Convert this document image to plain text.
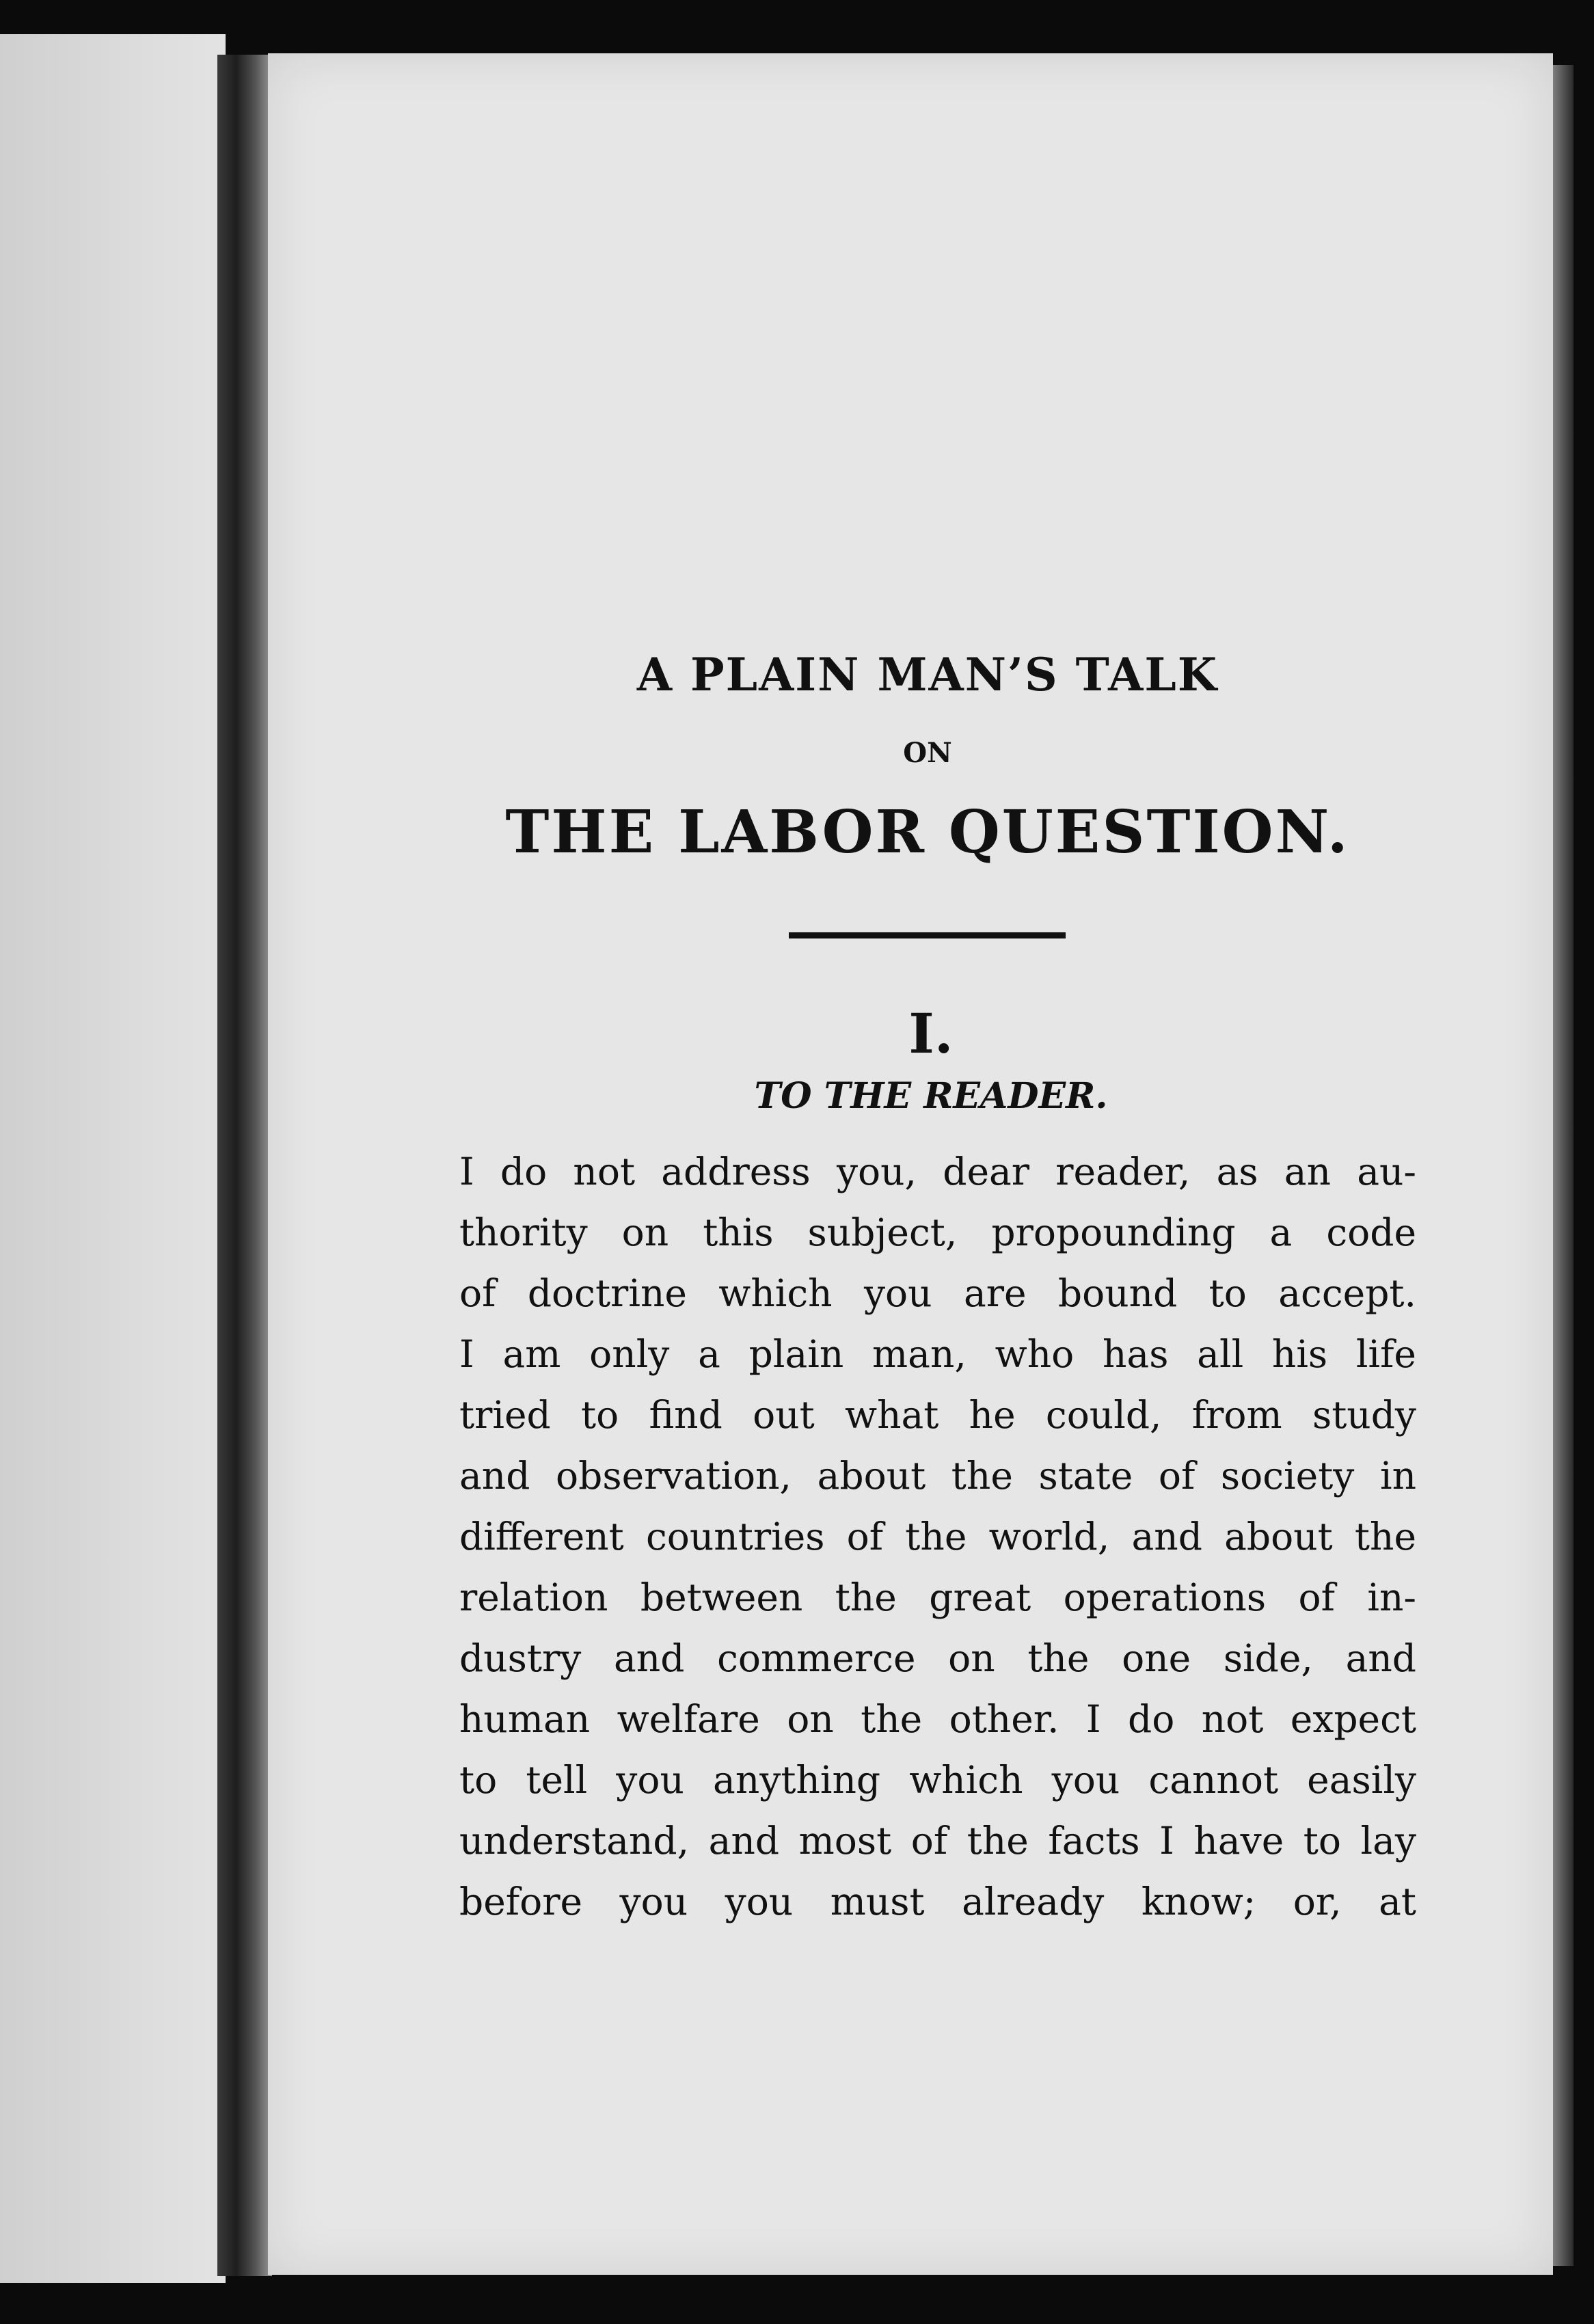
A PLAIN MAN’S TALK

ON

THE LABOR QUESTION.

I.

TO THE READER.

I do not address you, dear reader, as an au-
thority on this subject, propounding a code
of doctrine which you are bound to accept.
I am only a plain man, who has all his life
tried to find out what he could, from study
and observation, about the state of society in
different countries of the world, and about the
relation between the great operations of in-
dustry and commerce on the one side, and
human welfare on the other. I do not expect
to tell you anything which you cannot easily
understand, and most of the facts I have to lay
before you you must already know; or, at
